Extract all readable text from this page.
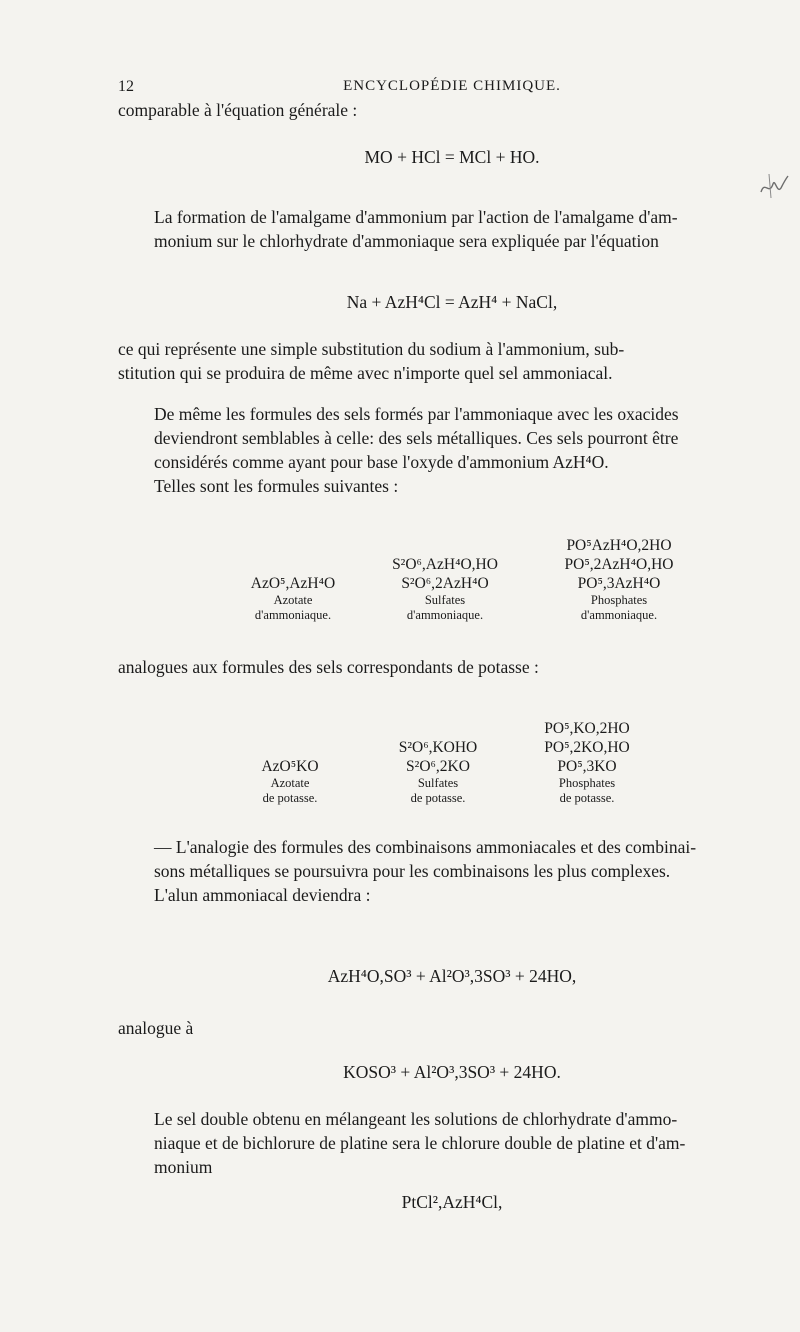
12	ENCYCLOPÉDIE CHIMIQUE.
comparable à l'équation générale :
MO + HCl = MCl + HO.
La formation de l'amalgame d'ammonium par l'action de l'amalgame d'am-
monium sur le chlorhydrate d'ammoniaque sera expliquée par l'équation
Na + AzH⁴Cl = AzH⁴ + NaCl,
ce qui représente une simple substitution du sodium à l'ammonium, sub-
stitution qui se produira de même avec n'importe quel sel ammoniacal.
De même les formules des sels formés par l'ammoniaque avec les oxacides
deviendront semblables à celle: des sels métalliques. Ces sels pourront être
considérés comme ayant pour base l'oxyde d'ammonium AzH⁴O.
Telles sont les formules suivantes :
AzO⁵,AzH⁴O
Azotate
d'ammoniaque.
S²O⁶,AzH⁴O,HO
S²O⁶,2AzH⁴O
Sulfates
d'ammoniaque.
PO⁵AzH⁴O,2HO
PO⁵,2AzH⁴O,HO
PO⁵,3AzH⁴O
Phosphates
d'ammoniaque.
analogues aux formules des sels correspondants de potasse :
AzO⁵KO
Azotate
de potasse.
S²O⁶,KOHO
S²O⁶,2KO
Sulfates
de potasse.
PO⁵,KO,2HO
PO⁵,2KO,HO
PO⁵,3KO
Phosphates
de potasse.
— L'analogie des formules des combinaisons ammoniacales et des combinai-
sons métalliques se poursuivra pour les combinaisons les plus complexes.
L'alun ammoniacal deviendra :
AzH⁴O,SO³ + Al²O³,3SO³ + 24HO,
analogue à
KOSO³ + Al²O³,3SO³ + 24HO.
Le sel double obtenu en mélangeant les solutions de chlorhydrate d'ammo-
niaque et de bichlorure de platine sera le chlorure double de platine et d'am-
monium
PtCl²,AzH⁴Cl,
